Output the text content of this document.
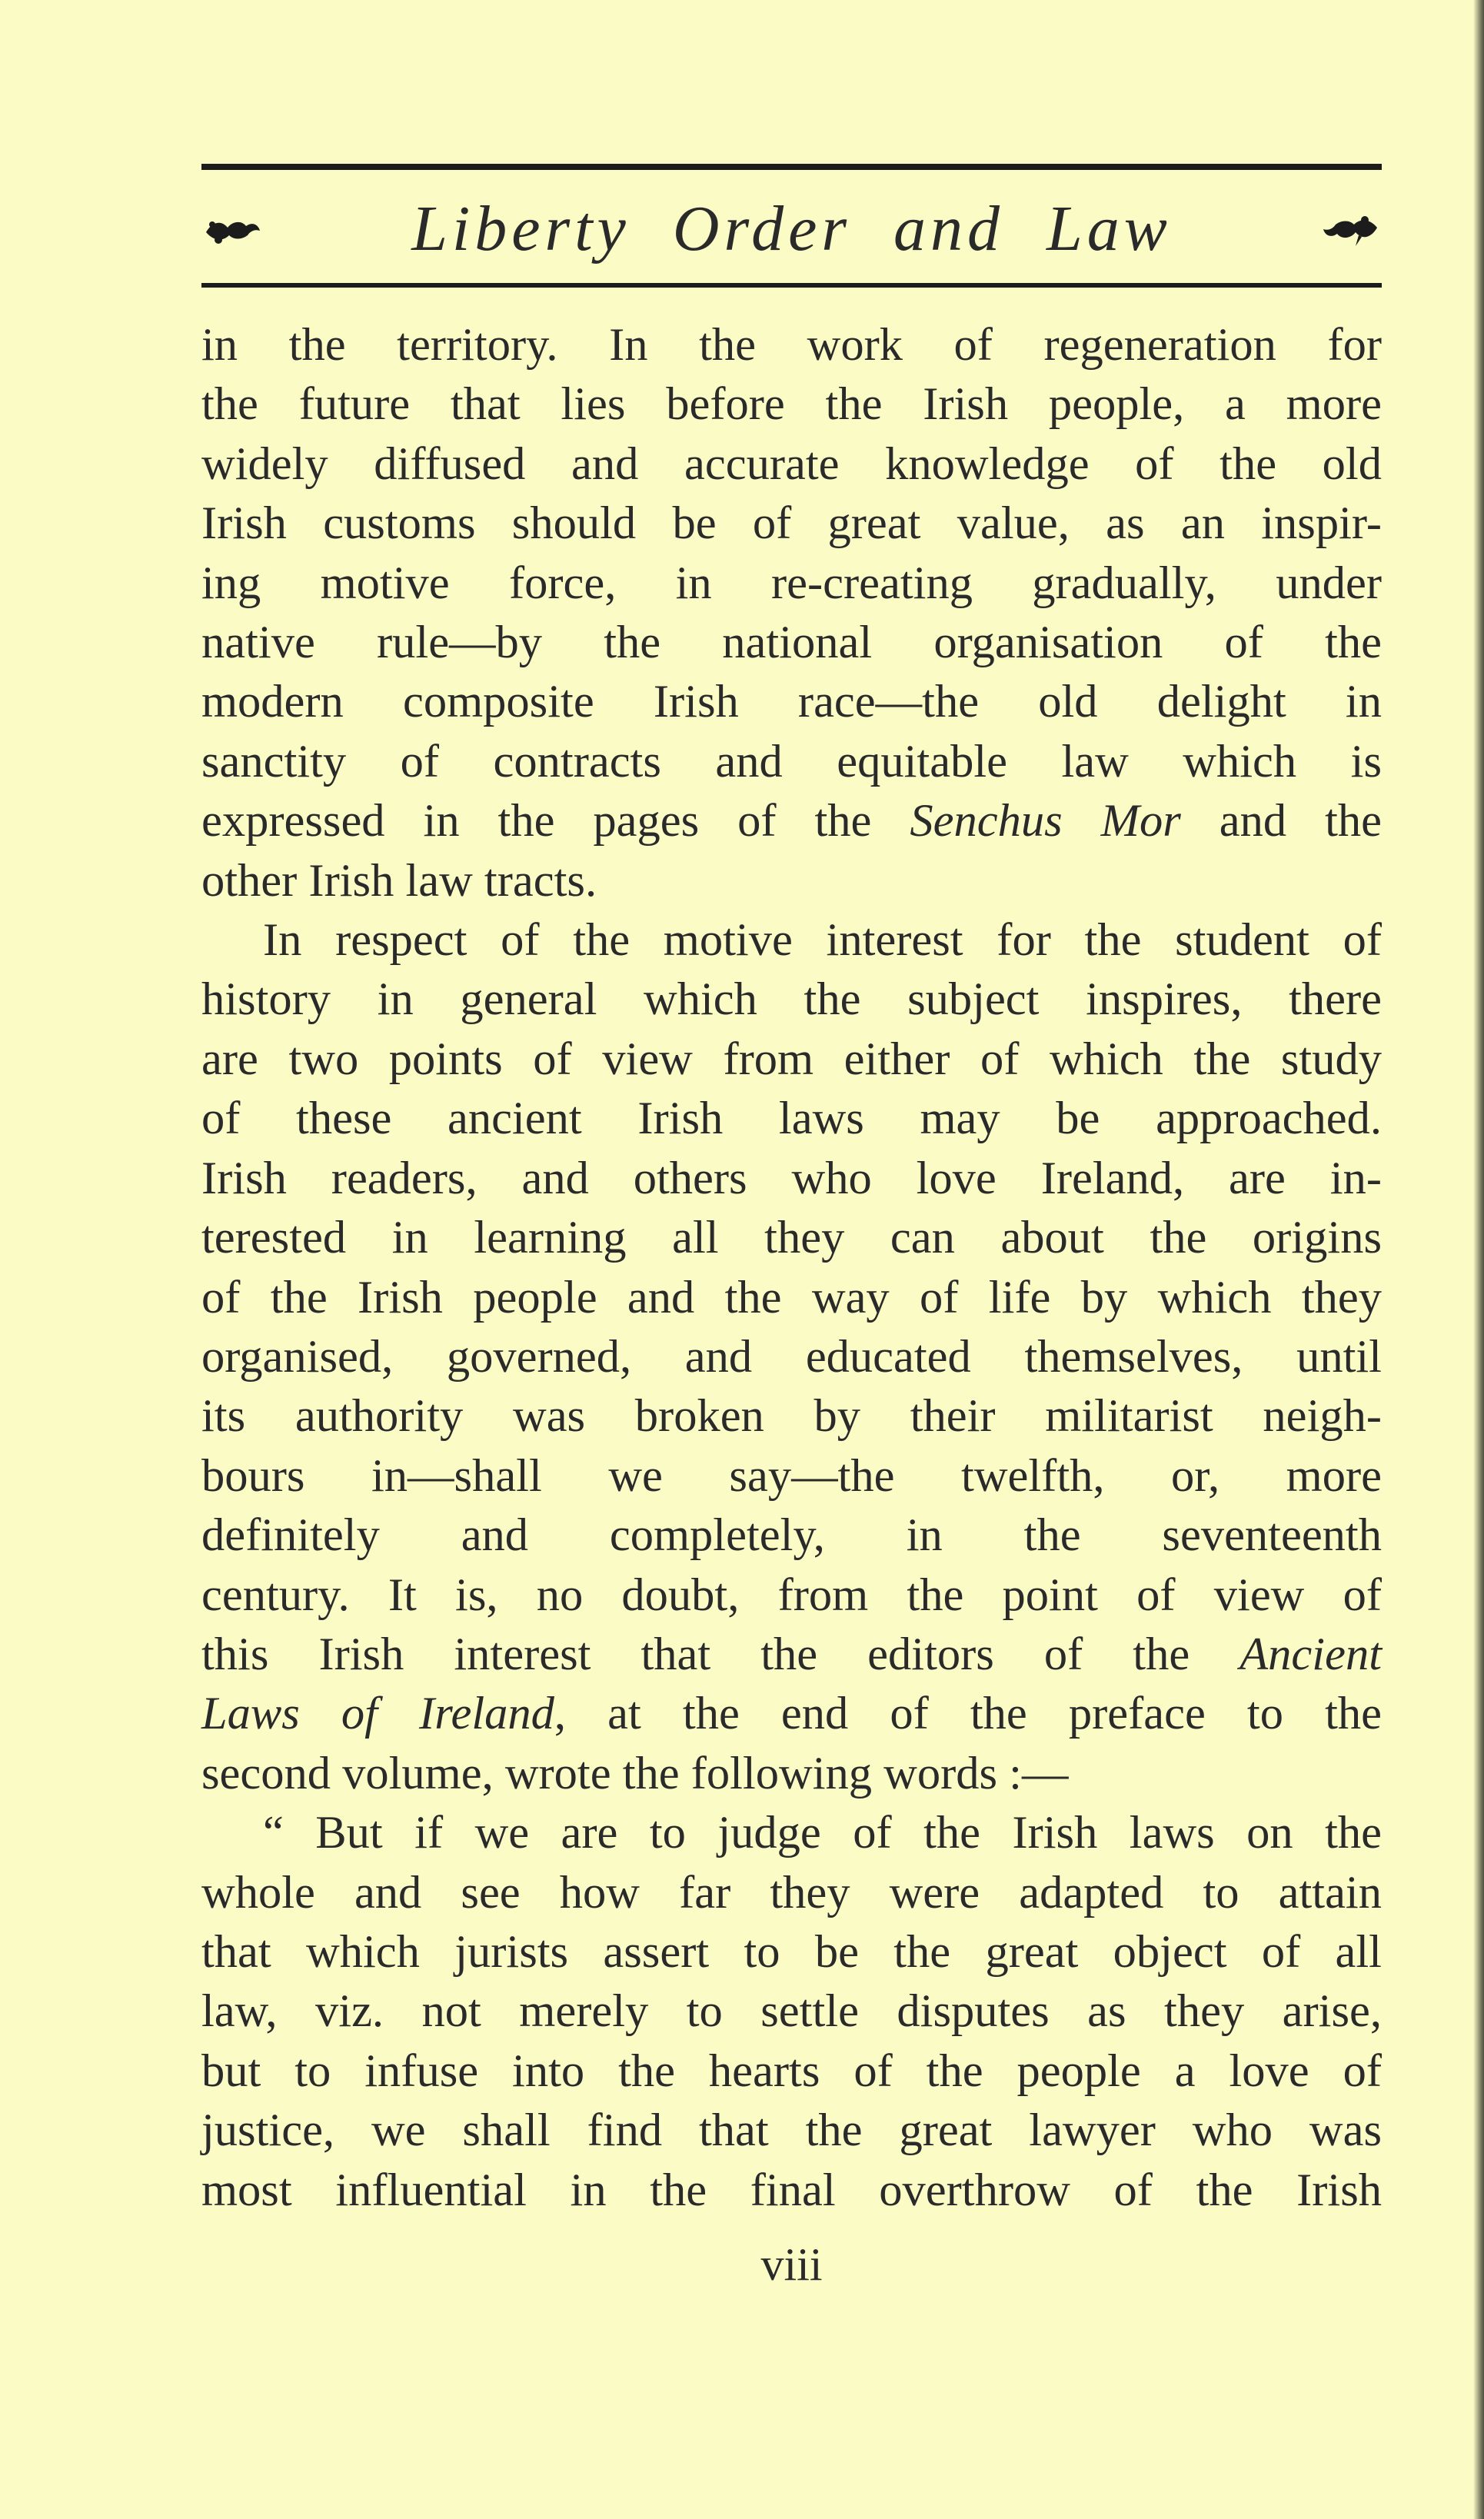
Liberty Order and Law

in the territory. In the work of regeneration for

the future that lies before the Irish people, a more

widely diffused and accurate knowledge of the old

Irish customs should be of great value, as an inspir-

ing motive force, in re-creating gradually, under

native rule—by the national organisation of the

modern composite Irish race—the old delight in

sanctity of contracts and equitable law which is

expressed in the pages of the Senchus Mor and the

other Irish law tracts.

In respect of the motive interest for the student of

history in general which the subject inspires, there

are two points of view from either of which the study

of these ancient Irish laws may be approached.

Irish readers, and others who love Ireland, are in-

terested in learning all they can about the origins

of the Irish people and the way of life by which they

organised, governed, and educated themselves, until

its authority was broken by their militarist neigh-

bours in—shall we say—the twelfth, or, more

definitely and completely, in the seventeenth

century. It is, no doubt, from the point of view of

this Irish interest that the editors of the Ancient

Laws of Ireland, at the end of the preface to the

second volume, wrote the following words :—

“ But if we are to judge of the Irish laws on the

whole and see how far they were adapted to attain

that which jurists assert to be the great object of all

law, viz. not merely to settle disputes as they arise,

but to infuse into the hearts of the people a love of

justice, we shall find that the great lawyer who was

most influential in the final overthrow of the Irish

viii
